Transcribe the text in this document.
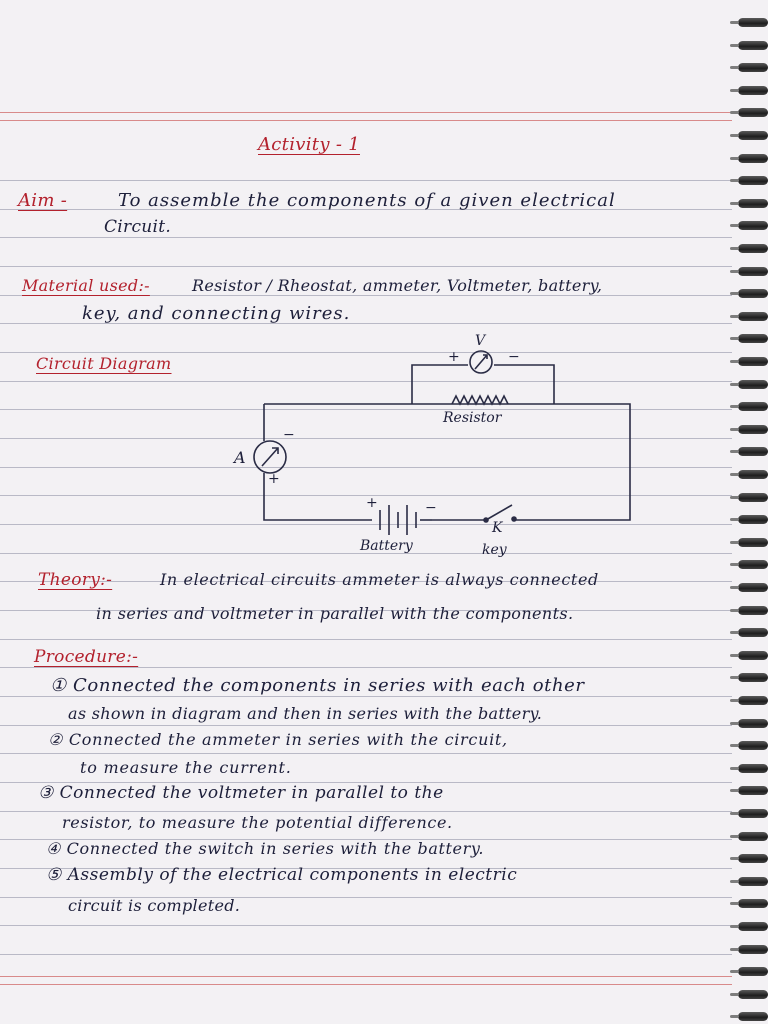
Activity - 1
Aim -	To assemble the components of a given electrical
Circuit.
Material used:-	Resistor / Rheostat, ammeter, Voltmeter, battery,
key, and connecting wires.
Circuit Diagram
V
+	−
Resistor
A
−
+
+	−
K
Battery	key
Theory:-	In electrical circuits ammeter is always connected
in series and voltmeter in parallel with the components.
Procedure:-
① Connected the components in series with each other
as shown in diagram and then in series with the battery.
② Connected the ammeter in series with the circuit,
to measure the current.
③ Connected the voltmeter in parallel to the
resistor, to measure the potential difference.
④ Connected the switch in series with the battery.
⑤ Assembly of the electrical components in electric
circuit is completed.
